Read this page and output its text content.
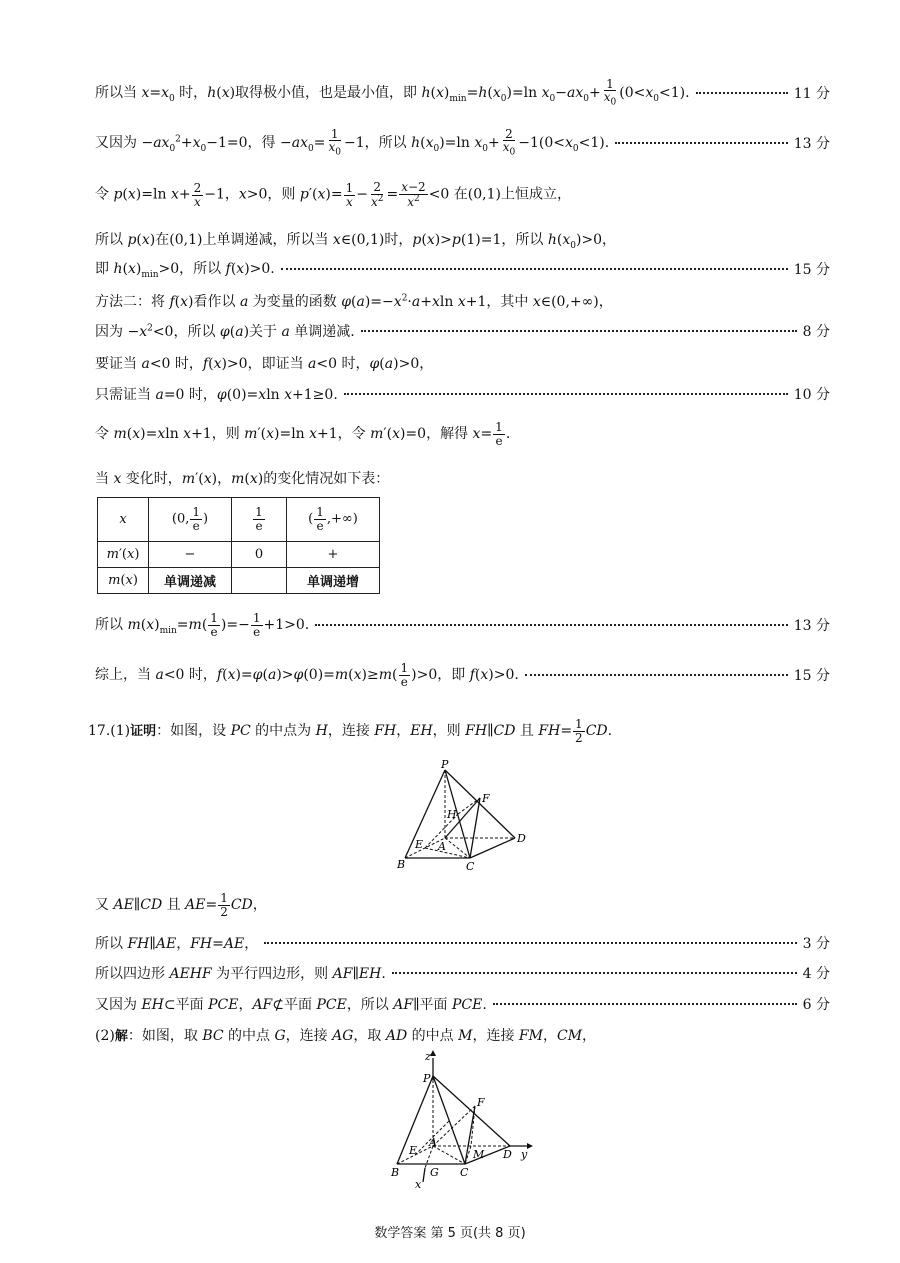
所以当 $x=x_0$ 时，h(x)取得极小值，也是最小值，即 $h(x)_{min}=h(x_0)=\ln$ $x_0-ax_0+ \frac{1}{x_0} (0<x_0<1)$.	11 分
又因为 $-ax_0^2+x_0-1=0$，得 $-ax_0= \frac{1}{x_0} -1$，所以 $h(x_0)=\ln$ $x_0+ \frac{2}{x_0} -1(0<x_0<1)$.	13 分
令 p(x)=ln $x+ \frac{2}{x} -1$，x>0，则 $p'(x)= \frac{1}{x} - \frac{2}{x^2} = \frac{x-2}{x^2} <0$ 在(0,1)上恒成立，
所以 p(x)在(0,1)上单调递减，所以当 x∈(0,1)时，p(x)>p(1)=1，所以 $h(x_0)>0$，
即 $h(x)_{min}>0$，所以 f(x)>0.	15 分
方法二：将 f(x)看作以 a 为变量的函数 $\varphi(a)=-x^2\cdot a+xln$ x+1，其中 x∈(0,+∞)，
因为 $-x^2<0$，所以 φ(a)关于 a 单调递减.	8 分
要证当 a<0 时，f(x)>0，即证当 a<0 时，φ(a)>0，
只需证当 a=0 时，φ(0)=xln x+1≥0.	10 分
令 m(x)=xln x+1，则 m′(x)=ln x+1，令 m′(x)=0，解得 $x= \frac{1}{e}$ .
当 x 变化时，m′(x)，m(x)的变化情况如下表：
x	(0, $\frac{1}{e}$ )	$\frac{1}{e}$	( $\frac{1}{e}$ ,+∞)
m′(x)	−	0	+
m(x)	单调递减		单调递增
所以 $m(x)_{min}=m( \frac{1}{e}$ )=− $\frac{1}{e} +1>0$.	13 分
综上，当 a<0 时，$f(x)=\varphi(a)>\varphi(0)=m(x)\ge m( \frac{1}{e} )>0$，即 f(x)>0.	15 分
17.(1)证明：如图，设 PC 的中点为 H，连接 FH，EH，则 FH∥CD 且 $FH= \frac{1}{2}$ CD.
P
H
F
E A
D
B	C
又 AE∥CD 且 $AE= \frac{1}{2}$ CD，
所以 FH∥AE，FH=AE，	3 分
所以四边形 AEHF 为平行四边形，则 AF∥EH.	4 分
又因为 EH⊂平面 PCE，AF⊄平面 PCE，所以 AF∥平面 PCE.	6 分
(2)解：如图，取 BC 的中点 G，连接 AG，取 AD 的中点 M，连接 FM，CM，
z
P
F
E
A
M D y
B	G C
x
数学答案 第 5 页(共 8 页)
